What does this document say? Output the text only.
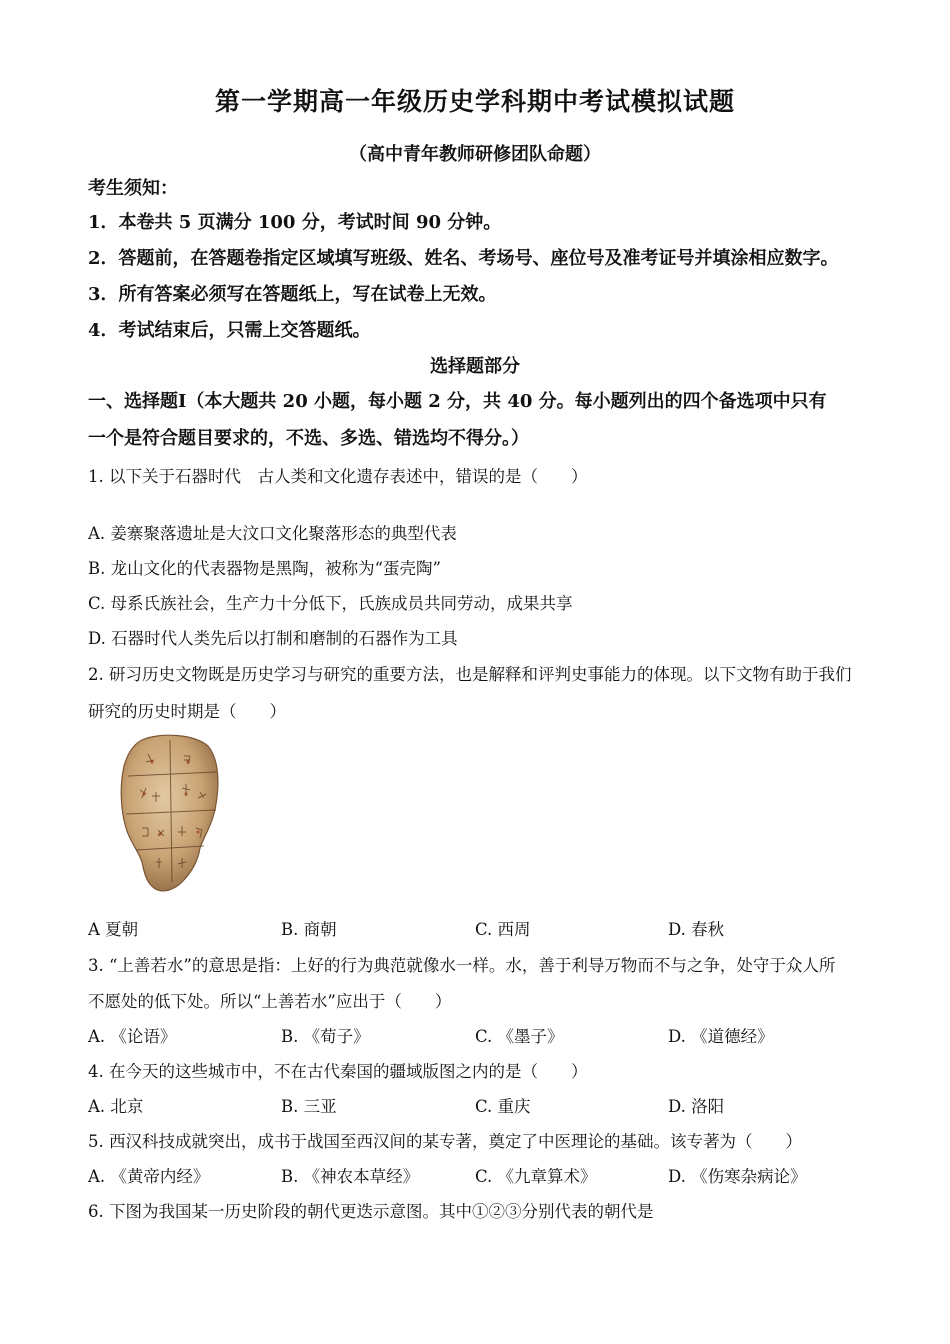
第一学期高一年级历史学科期中考试模拟试题
（高中青年教师研修团队命题）
考生须知：
1．本卷共 5 页满分 100 分，考试时间 90 分钟。
2．答题前，在答题卷指定区域填写班级、姓名、考场号、座位号及准考证号并填涂相应数字。
3．所有答案必须写在答题纸上，写在试卷上无效。
4．考试结束后，只需上交答题纸。
选择题部分
一、选择题Ⅰ（本大题共 20 小题，每小题 2 分，共 40 分。每小题列出的四个备选项中只有
一个是符合题目要求的，不选、多选、错选均不得分。）
1. 以下关于石器时代　古人类和文化遗存表述中，错误的是（　　）
A. 姜寨聚落遗址是大汶口文化聚落形态的典型代表
B. 龙山文化的代表器物是黑陶，被称为“蛋壳陶”
C. 母系氏族社会，生产力十分低下，氏族成员共同劳动，成果共享
D. 石器时代人类先后以打制和磨制的石器作为工具
2. 研习历史文物既是历史学习与研究的重要方法，也是解释和评判史事能力的体现。以下文物有助于我们
研究的历史时期是（　　）
A 夏朝	B. 商朝	C. 西周	D. 春秋
3. “上善若水”的意思是指：上好的行为典范就像水一样。水，善于利导万物而不与之争，处守于众人所
不愿处的低下处。所以“上善若水”应出于（　　）
A. 《论语》	B. 《荀子》	C. 《墨子》	D. 《道德经》
4. 在今天的这些城市中，不在古代秦国的疆域版图之内的是（　　）
A. 北京	B. 三亚	C. 重庆	D. 洛阳
5. 西汉科技成就突出，成书于战国至西汉间的某专著，奠定了中医理论的基础。该专著为（　　）
A. 《黄帝内经》	B. 《神农本草经》	C. 《九章算术》	D. 《伤寒杂病论》
6. 下图为我国某一历史阶段的朝代更迭示意图。其中①②③分别代表的朝代是
